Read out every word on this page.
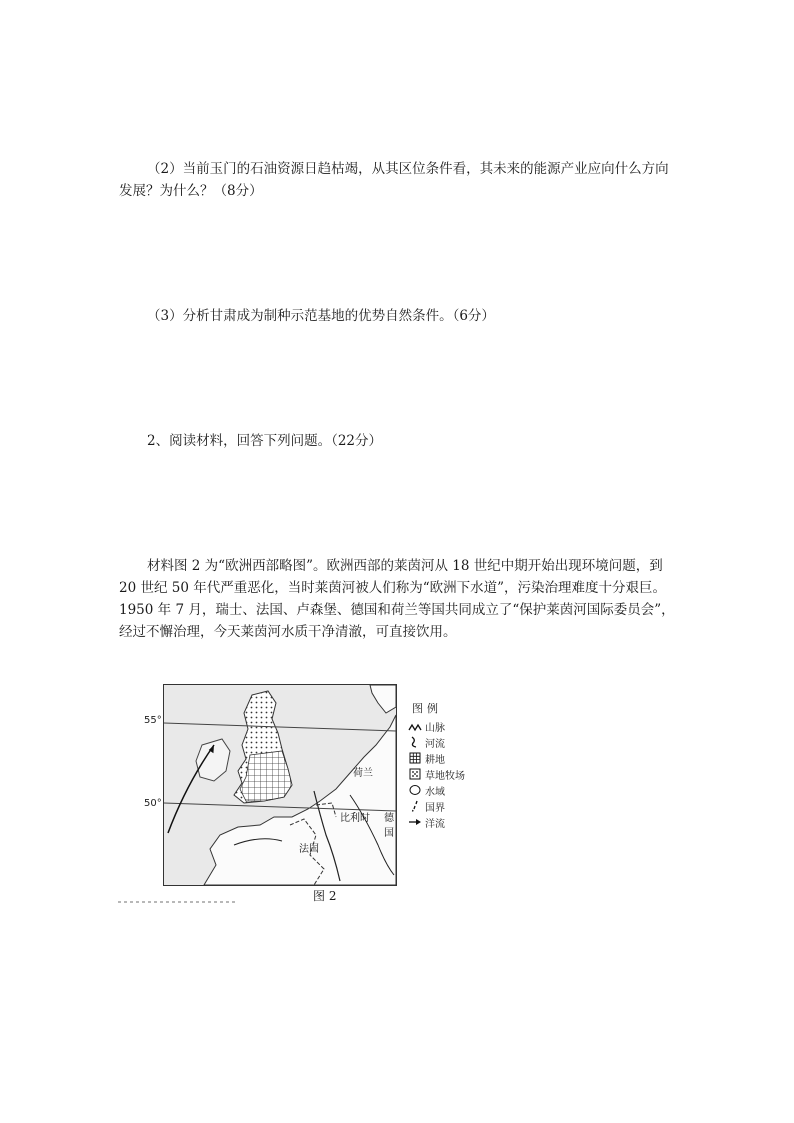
（2）当前玉门的石油资源日趋枯竭，从其区位条件看，其未来的能源产业应向什么方向发展？为什么？（8分）

（3）分析甘肃成为制种示范基地的优势自然条件。（6分）

2、阅读材料，回答下列问题。（22分）

材料图 2 为“欧洲西部略图”。欧洲西部的莱茵河从 18 世纪中期开始出现环境问题，到 20 世纪 50 年代严重恶化，当时莱茵河被人们称为“欧洲下水道”，污染治理难度十分艰巨。1950 年 7 月，瑞士、法国、卢森堡、德国和荷兰等国共同成立了“保护莱茵河国际委员会”，经过不懈治理，今天莱茵河水质干净清澈，可直接饮用。

55°
50°
荷兰
比利时 德国
法国
图例
山脉
河流
耕地
草地牧场
水域
国界
洋流
图 2
